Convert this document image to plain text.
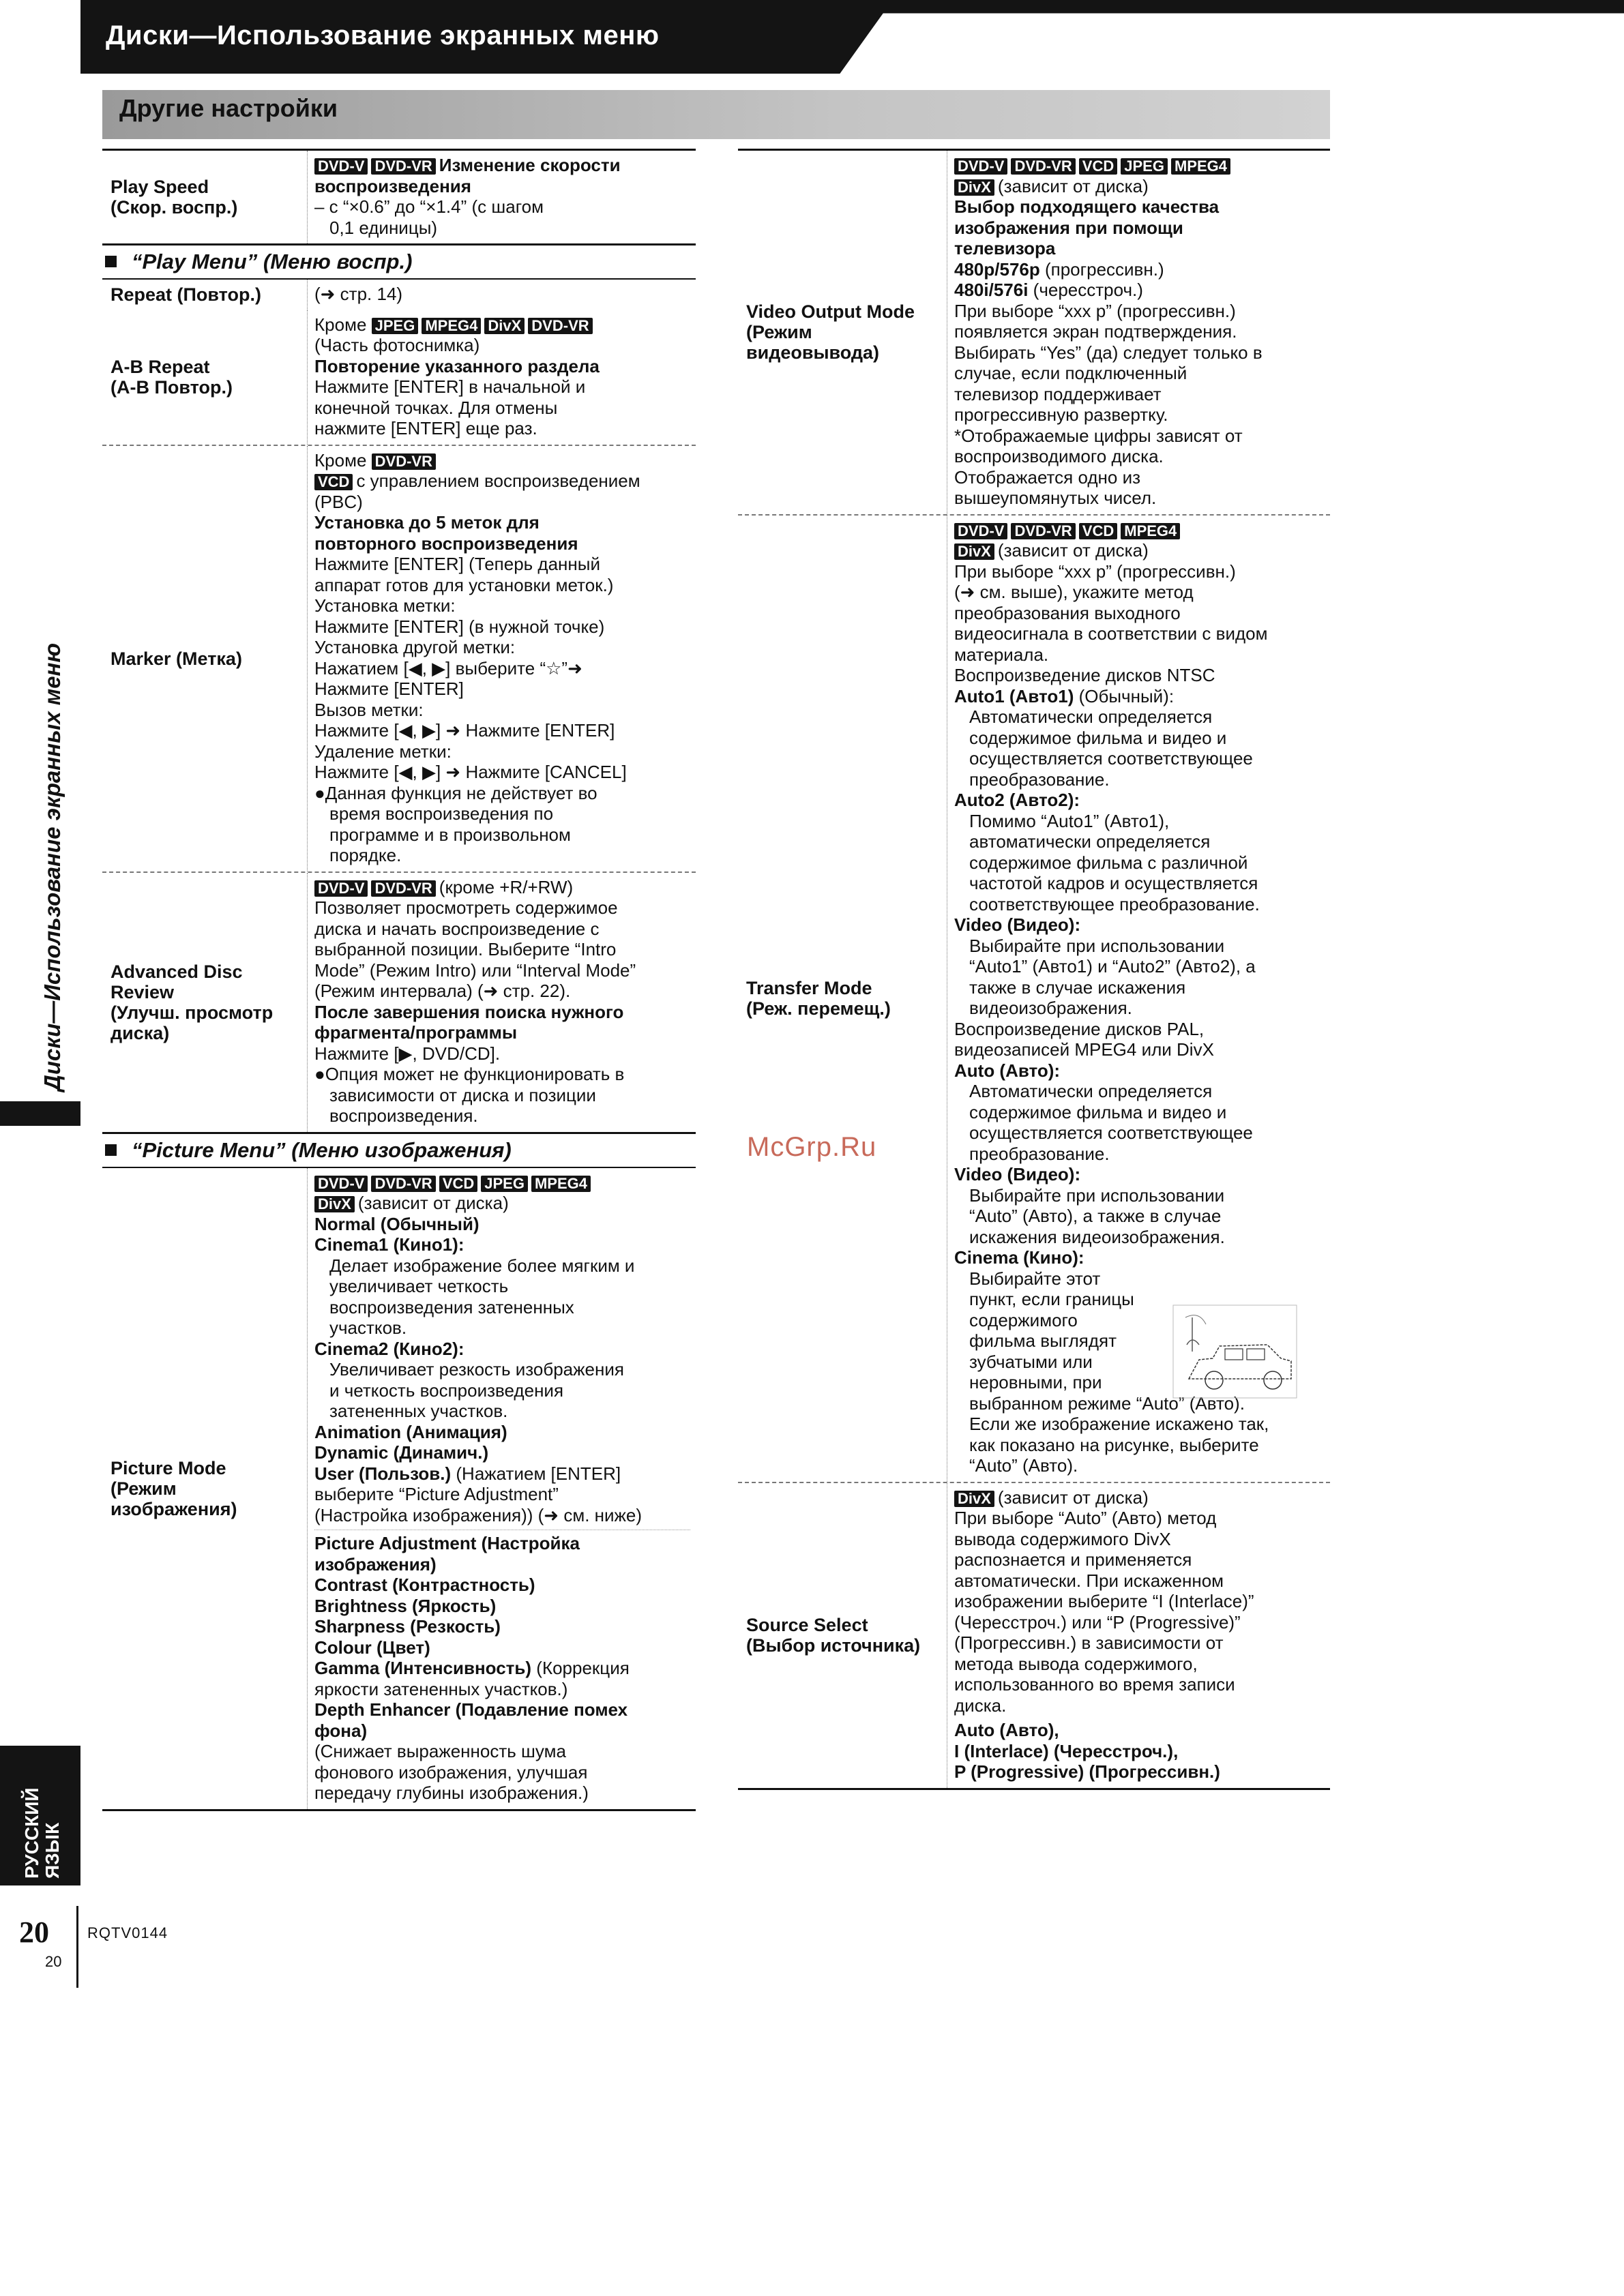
Диски—Использование экранных меню
Другие настройки
Диски—Использование экранных меню
РУССКИЙ ЯЗЫК
20
20
RQTV0144
McGrp.Ru
Play Speed
(Скор. воспр.)
DVD-V DVD-VR Изменение скорости воспроизведения
– с “×0.6” до “×1.4” (с шагом
0,1 единицы)
“Play Menu” (Меню воспр.)
Repeat (Повтор.)	(➜ стр. 14)
A-B Repeat
(A-B Повтор.)
Кроме JPEG MPEG4 DivX DVD-VR
(Часть фотоснимка)
Повторение указанного раздела
Нажмите [ENTER] в начальной и
конечной точках. Для отмены
нажмите [ENTER] еще раз.
Marker (Метка)
Кроме DVD-VR
VCD с управлением воспроизведением
(PBC)
Установка до 5 меток для
повторного воспроизведения
Нажмите [ENTER] (Теперь данный
аппарат готов для установки меток.)
Установка метки:
Нажмите [ENTER] (в нужной точке)
Установка другой метки:
Нажатием [◀, ▶] выберите “☆”➜
Нажмите [ENTER]
Вызов метки:
Нажмите [◀, ▶] ➜ Нажмите [ENTER]
Удаление метки:
Нажмите [◀, ▶] ➜ Нажмите [CANCEL]
●Данная функция не действует во
время воспроизведения по
программе и в произвольном
порядке.
Advanced Disc
Review
(Улучш. просмотр
диска)
DVD-V DVD-VR (кроме +R/+RW)
Позволяет просмотреть содержимое
диска и начать воспроизведение с
выбранной позиции. Выберите “Intro
Mode” (Режим Intro) или “Interval Mode”
(Режим интервала) (➜ стр. 22).
После завершения поиска нужного
фрагмента/программы
Нажмите [▶, DVD/CD].
●Опция может не функционировать в
зависимости от диска и позиции
воспроизведения.
“Picture Menu” (Меню изображения)
Picture Mode
(Режим
изображения)
DVD-V DVD-VR VCD JPEG MPEG4
DivX (зависит от диска)
Normal (Обычный)
Cinema1 (Кино1):
Делает изображение более мягким и
увеличивает четкость
воспроизведения затененных
участков.
Cinema2 (Кино2):
Увеличивает резкость изображения
и четкость воспроизведения
затененных участков.
Animation (Анимация)
Dynamic (Динамич.)
User (Пользов.) (Нажатием [ENTER]
выберите “Picture Adjustment”
(Настройка изображения)) (➜ см. ниже)
Picture Adjustment (Настройка
изображения)
Contrast (Контрастность)
Brightness (Яркость)
Sharpness (Резкость)
Colour (Цвет)
Gamma (Интенсивность) (Коррекция
яркости затененных участков.)
Depth Enhancer (Подавление помех
фона)
(Снижает выраженность шума
фонового изображения, улучшая
передачу глубины изображения.)
Video Output Mode
(Режим
видеовывода)
DVD-V DVD-VR VCD JPEG MPEG4
DivX (зависит от диска)
Выбор подходящего качества
изображения при помощи
телевизора
480p/576p (прогрессивн.)
480i/576i (чересстроч.)
При выборе “xxx p” (прогрессивн.)
появляется экран подтверждения.
Выбирать “Yes” (да) следует только в
случае, если подключенный
телевизор поддерживает
прогрессивную развертку.
*Отображаемые цифры зависят от
воспроизводимого диска.
Отображается одно из
вышеупомянутых чисел.
Transfer Mode
(Реж. перемещ.)
DVD-V DVD-VR VCD MPEG4
DivX (зависит от диска)
При выборе “xxx p” (прогрессивн.)
(➜ см. выше), укажите метод
преобразования выходного
видеосигнала в соответствии с видом
материала.
Воспроизведение дисков NTSC
Auto1 (Авто1) (Обычный):
Автоматически определяется
содержимое фильма и видео и
осуществляется соответствующее
преобразование.
Auto2 (Авто2):
Помимо “Auto1” (Авто1),
автоматически определяется
содержимое фильма с различной
частотой кадров и осуществляется
соответствующее преобразование.
Video (Видео):
Выбирайте при использовании
“Auto1” (Авто1) и “Auto2” (Авто2), а
также в случае искажения
видеоизображения.
Воспроизведение дисков PAL,
видеозаписей MPEG4 или DivX
Auto (Авто):
Автоматически определяется
содержимое фильма и видео и
осуществляется соответствующее
преобразование.
Video (Видео):
Выбирайте при использовании
“Auto” (Авто), а также в случае
искажения видеоизображения.
Cinema (Кино):
Выбирайте этот
пункт, если границы
содержимого
фильма выглядят
зубчатыми или
неровными, при
выбранном режиме “Auto” (Авто).
Если же изображение искажено так,
как показано на рисунке, выберите
“Auto” (Авто).
Source Select
(Выбор источника)
DivX (зависит от диска)
При выборе “Auto” (Авто) метод
вывода содержимого DivX
распознается и применяется
автоматически. При искаженном
изображении выберите “I (Interlace)”
(Чересстроч.) или “P (Progressive)”
(Прогрессивн.) в зависимости от
метода вывода содержимого,
использованного во время записи
диска.
Auto (Авто),
I (Interlace) (Чересстроч.),
P (Progressive) (Прогрессивн.)
